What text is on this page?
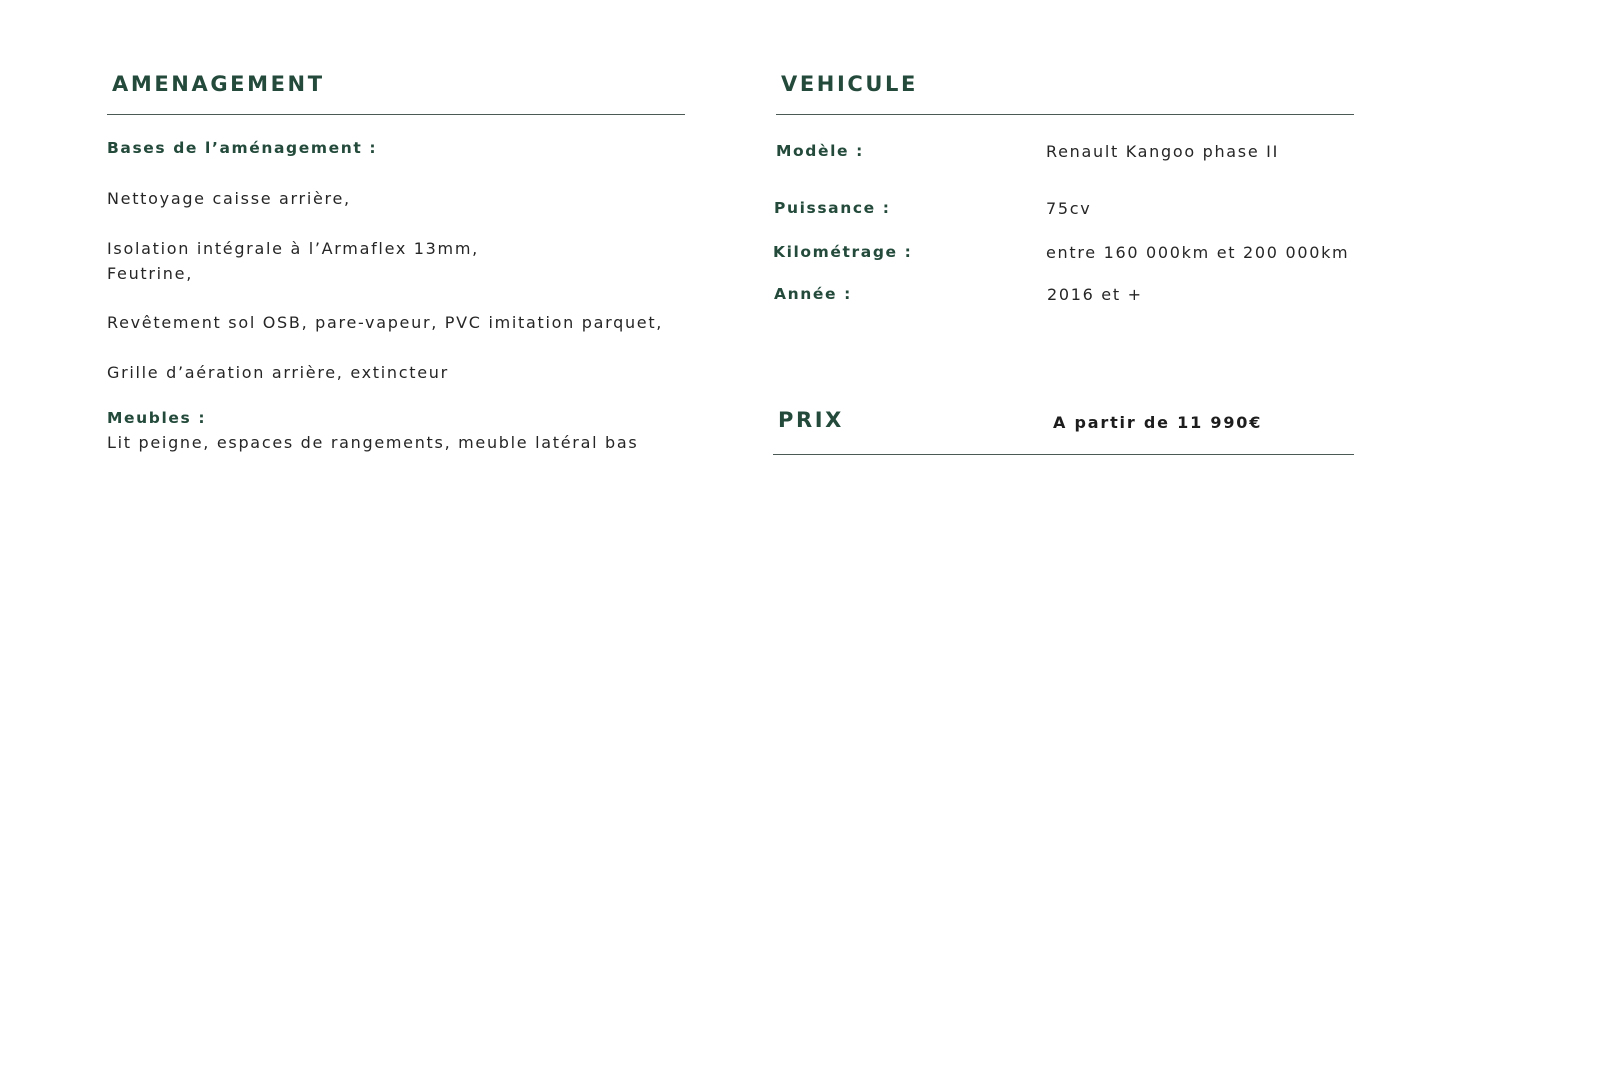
AMENAGEMENT
Bases de l’aménagement :
Nettoyage caisse arrière,
Isolation intégrale à l’Armaflex 13mm,
Feutrine,
Revêtement sol OSB, pare-vapeur, PVC imitation parquet,
Grille d’aération arrière, extincteur
Meubles :
Lit peigne, espaces de rangements, meuble latéral bas
VEHICULE
Modèle :	Renault Kangoo phase II
Puissance :	75cv
Kilométrage :	entre 160 000km et 200 000km
Année :	2016 et +
PRIX	A partir de 11 990€
